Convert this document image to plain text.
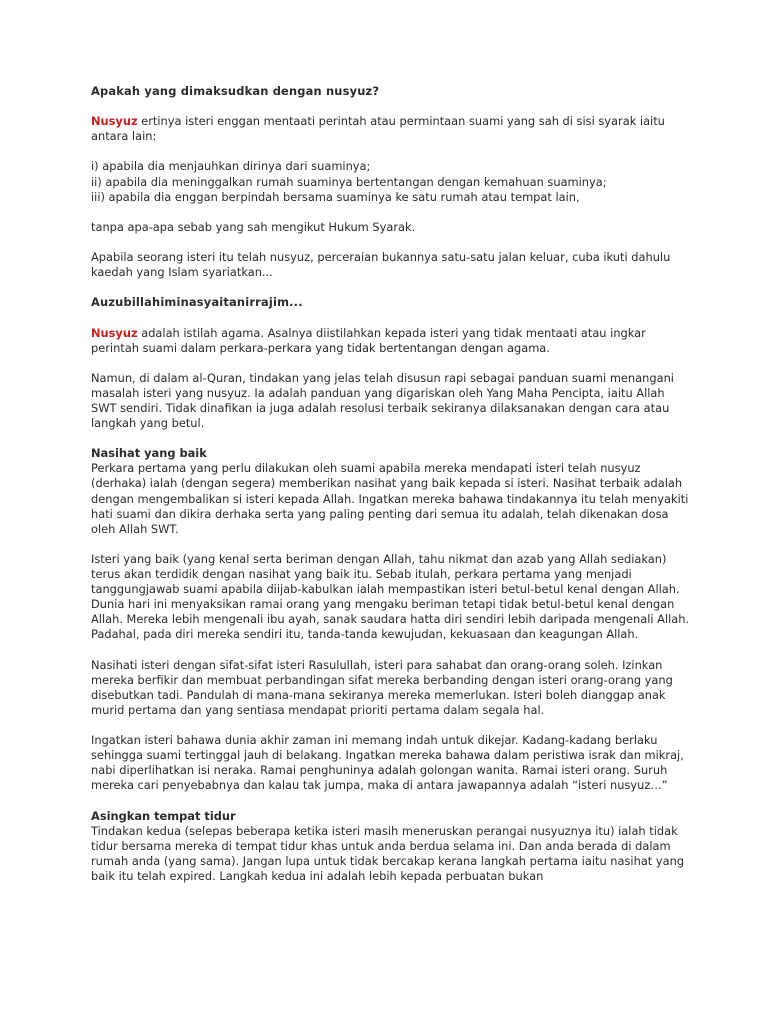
Apakah yang dimaksudkan dengan nusyuz?

Nusyuz ertinya isteri enggan mentaati perintah atau permintaan suami yang sah di sisi syarak iaitu antara lain:

i) apabila dia menjauhkan dirinya dari suaminya;
ii) apabila dia meninggalkan rumah suaminya bertentangan dengan kemahuan suaminya;
iii) apabila dia enggan berpindah bersama suaminya ke satu rumah atau tempat lain,

tanpa apa-apa sebab yang sah mengikut Hukum Syarak.

Apabila seorang isteri itu telah nusyuz, perceraian bukannya satu-satu jalan keluar, cuba ikuti dahulu kaedah yang Islam syariatkan...

Auzubillahiminasyaitanirrajim...

Nusyuz adalah istilah agama. Asalnya diistilahkan kepada isteri yang tidak mentaati atau ingkar perintah suami dalam perkara-perkara yang tidak bertentangan dengan agama.

Namun, di dalam al-Quran, tindakan yang jelas telah disusun rapi sebagai panduan suami menangani masalah isteri yang nusyuz. Ia adalah panduan yang digariskan oleh Yang Maha Pencipta, iaitu Allah SWT sendiri. Tidak dinafikan ia juga adalah resolusi terbaik sekiranya dilaksanakan dengan cara atau langkah yang betul.

Nasihat yang baik
Perkara pertama yang perlu dilakukan oleh suami apabila mereka mendapati isteri telah nusyuz (derhaka) ialah (dengan segera) memberikan nasihat yang baik kepada si isteri. Nasihat terbaik adalah dengan mengembalikan si isteri kepada Allah. Ingatkan mereka bahawa tindakannya itu telah menyakiti hati suami dan dikira derhaka serta yang paling penting dari semua itu adalah, telah dikenakan dosa oleh Allah SWT.

Isteri yang baik (yang kenal serta beriman dengan Allah, tahu nikmat dan azab yang Allah sediakan) terus akan terdidik dengan nasihat yang baik itu. Sebab itulah, perkara pertama yang menjadi tanggungjawab suami apabila diijab-kabulkan ialah mempastikan isteri betul-betul kenal dengan Allah. Dunia hari ini menyaksikan ramai orang yang mengaku beriman tetapi tidak betul-betul kenal dengan Allah. Mereka lebih mengenali ibu ayah, sanak saudara hatta diri sendiri lebih daripada mengenali Allah. Padahal, pada diri mereka sendiri itu, tanda-tanda kewujudan, kekuasaan dan keagungan Allah.

Nasihati isteri dengan sifat-sifat isteri Rasulullah, isteri para sahabat dan orang-orang soleh. Izinkan mereka berfikir dan membuat perbandingan sifat mereka berbanding dengan isteri orang-orang yang disebutkan tadi. Pandulah di mana-mana sekiranya mereka memerlukan. Isteri boleh dianggap anak murid pertama dan yang sentiasa mendapat prioriti pertama dalam segala hal.

Ingatkan isteri bahawa dunia akhir zaman ini memang indah untuk dikejar. Kadang-kadang berlaku sehingga suami tertinggal jauh di belakang. Ingatkan mereka bahawa dalam peristiwa israk dan mikraj, nabi diperlihatkan isi neraka. Ramai penghuninya adalah golongan wanita. Ramai isteri orang. Suruh mereka cari penyebabnya dan kalau tak jumpa, maka di antara jawapannya adalah “isteri nusyuz…”

Asingkan tempat tidur
Tindakan kedua (selepas beberapa ketika isteri masih meneruskan perangai nusyuznya itu) ialah tidak tidur bersama mereka di tempat tidur khas untuk anda berdua selama ini. Dan anda berada di dalam rumah anda (yang sama). Jangan lupa untuk tidak bercakap kerana langkah pertama iaitu nasihat yang baik itu telah expired. Langkah kedua ini adalah lebih kepada perbuatan bukan
